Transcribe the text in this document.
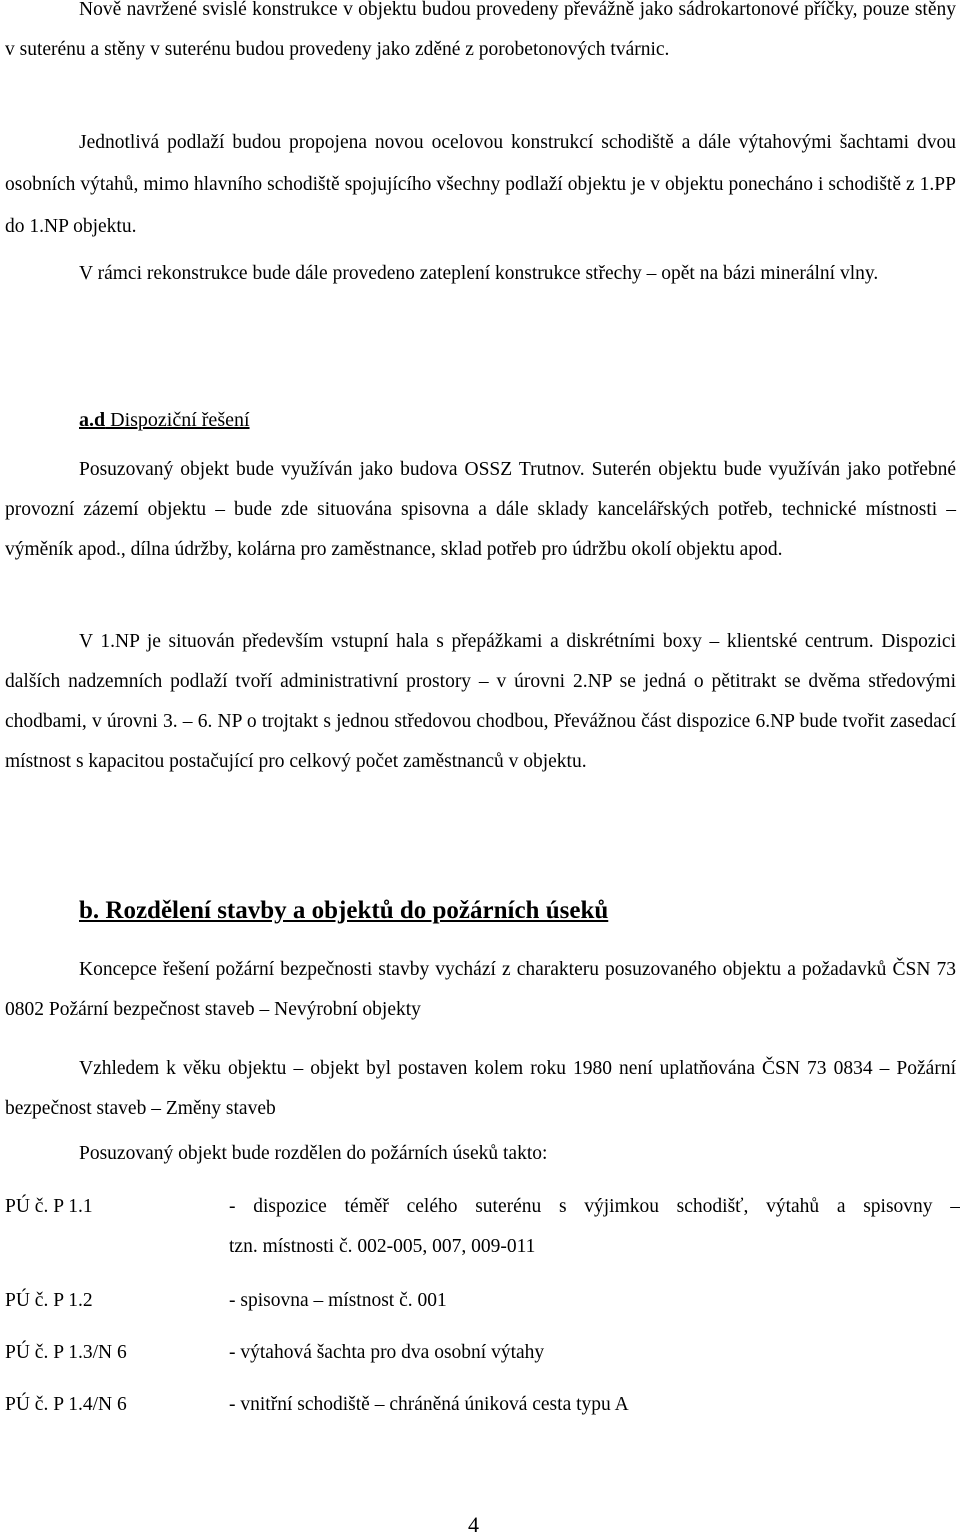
Nově navržené svislé konstrukce v objektu budou provedeny převážně jako sádrokartonové příčky, pouze stěny v suterénu a stěny v suterénu budou provedeny jako zděné z porobetonových tvárnic.

Jednotlivá podlaží budou propojena novou ocelovou konstrukcí schodiště a dále výtahovými šachtami dvou osobních výtahů, mimo hlavního schodiště spojujícího všechny podlaží objektu je v objektu ponecháno i schodiště z 1.PP do 1.NP objektu.

V rámci rekonstrukce bude dále provedeno zateplení konstrukce střechy – opět na bázi minerální vlny.

a.d Dispoziční řešení

Posuzovaný objekt bude využíván jako budova OSSZ Trutnov. Suterén objektu bude využíván jako potřebné provozní zázemí objektu – bude zde situována spisovna a dále sklady kancelářských potřeb, technické místnosti – výměník apod., dílna údržby, kolárna pro zaměstnance, sklad potřeb pro údržbu okolí objektu apod.

V 1.NP je situován především vstupní hala s přepážkami a diskrétními boxy – klientské centrum. Dispozici dalších nadzemních podlaží tvoří administrativní prostory – v úrovni 2.NP se jedná o pětitrakt se dvěma středovými chodbami, v úrovni 3. – 6. NP o trojtakt s jednou středovou chodbou, Převážnou část dispozice 6.NP bude tvořit zasedací místnost s kapacitou postačující pro celkový počet zaměstnanců v objektu.

b. Rozdělení stavby a objektů do požárních úseků

Koncepce řešení požární bezpečnosti stavby vychází z charakteru posuzovaného objektu a požadavků ČSN 73 0802 Požární bezpečnost staveb – Nevýrobní objekty

Vzhledem k věku objektu – objekt byl postaven kolem roku 1980 není uplatňována ČSN 73 0834 – Požární bezpečnost staveb – Změny staveb

Posuzovaný objekt bude rozdělen do požárních úseků takto:
PÚ č. P 1.1	- dispozice téměř celého suterénu s výjimkou schodišť, výtahů a spisovny –
tzn. místnosti č. 002-005, 007, 009-011
PÚ č. P 1.2	- spisovna – místnost č. 001
PÚ č. P 1.3/N 6	- výtahová šachta pro dva osobní výtahy
PÚ č. P 1.4/N 6	- vnitřní schodiště – chráněná úniková cesta typu A
4
